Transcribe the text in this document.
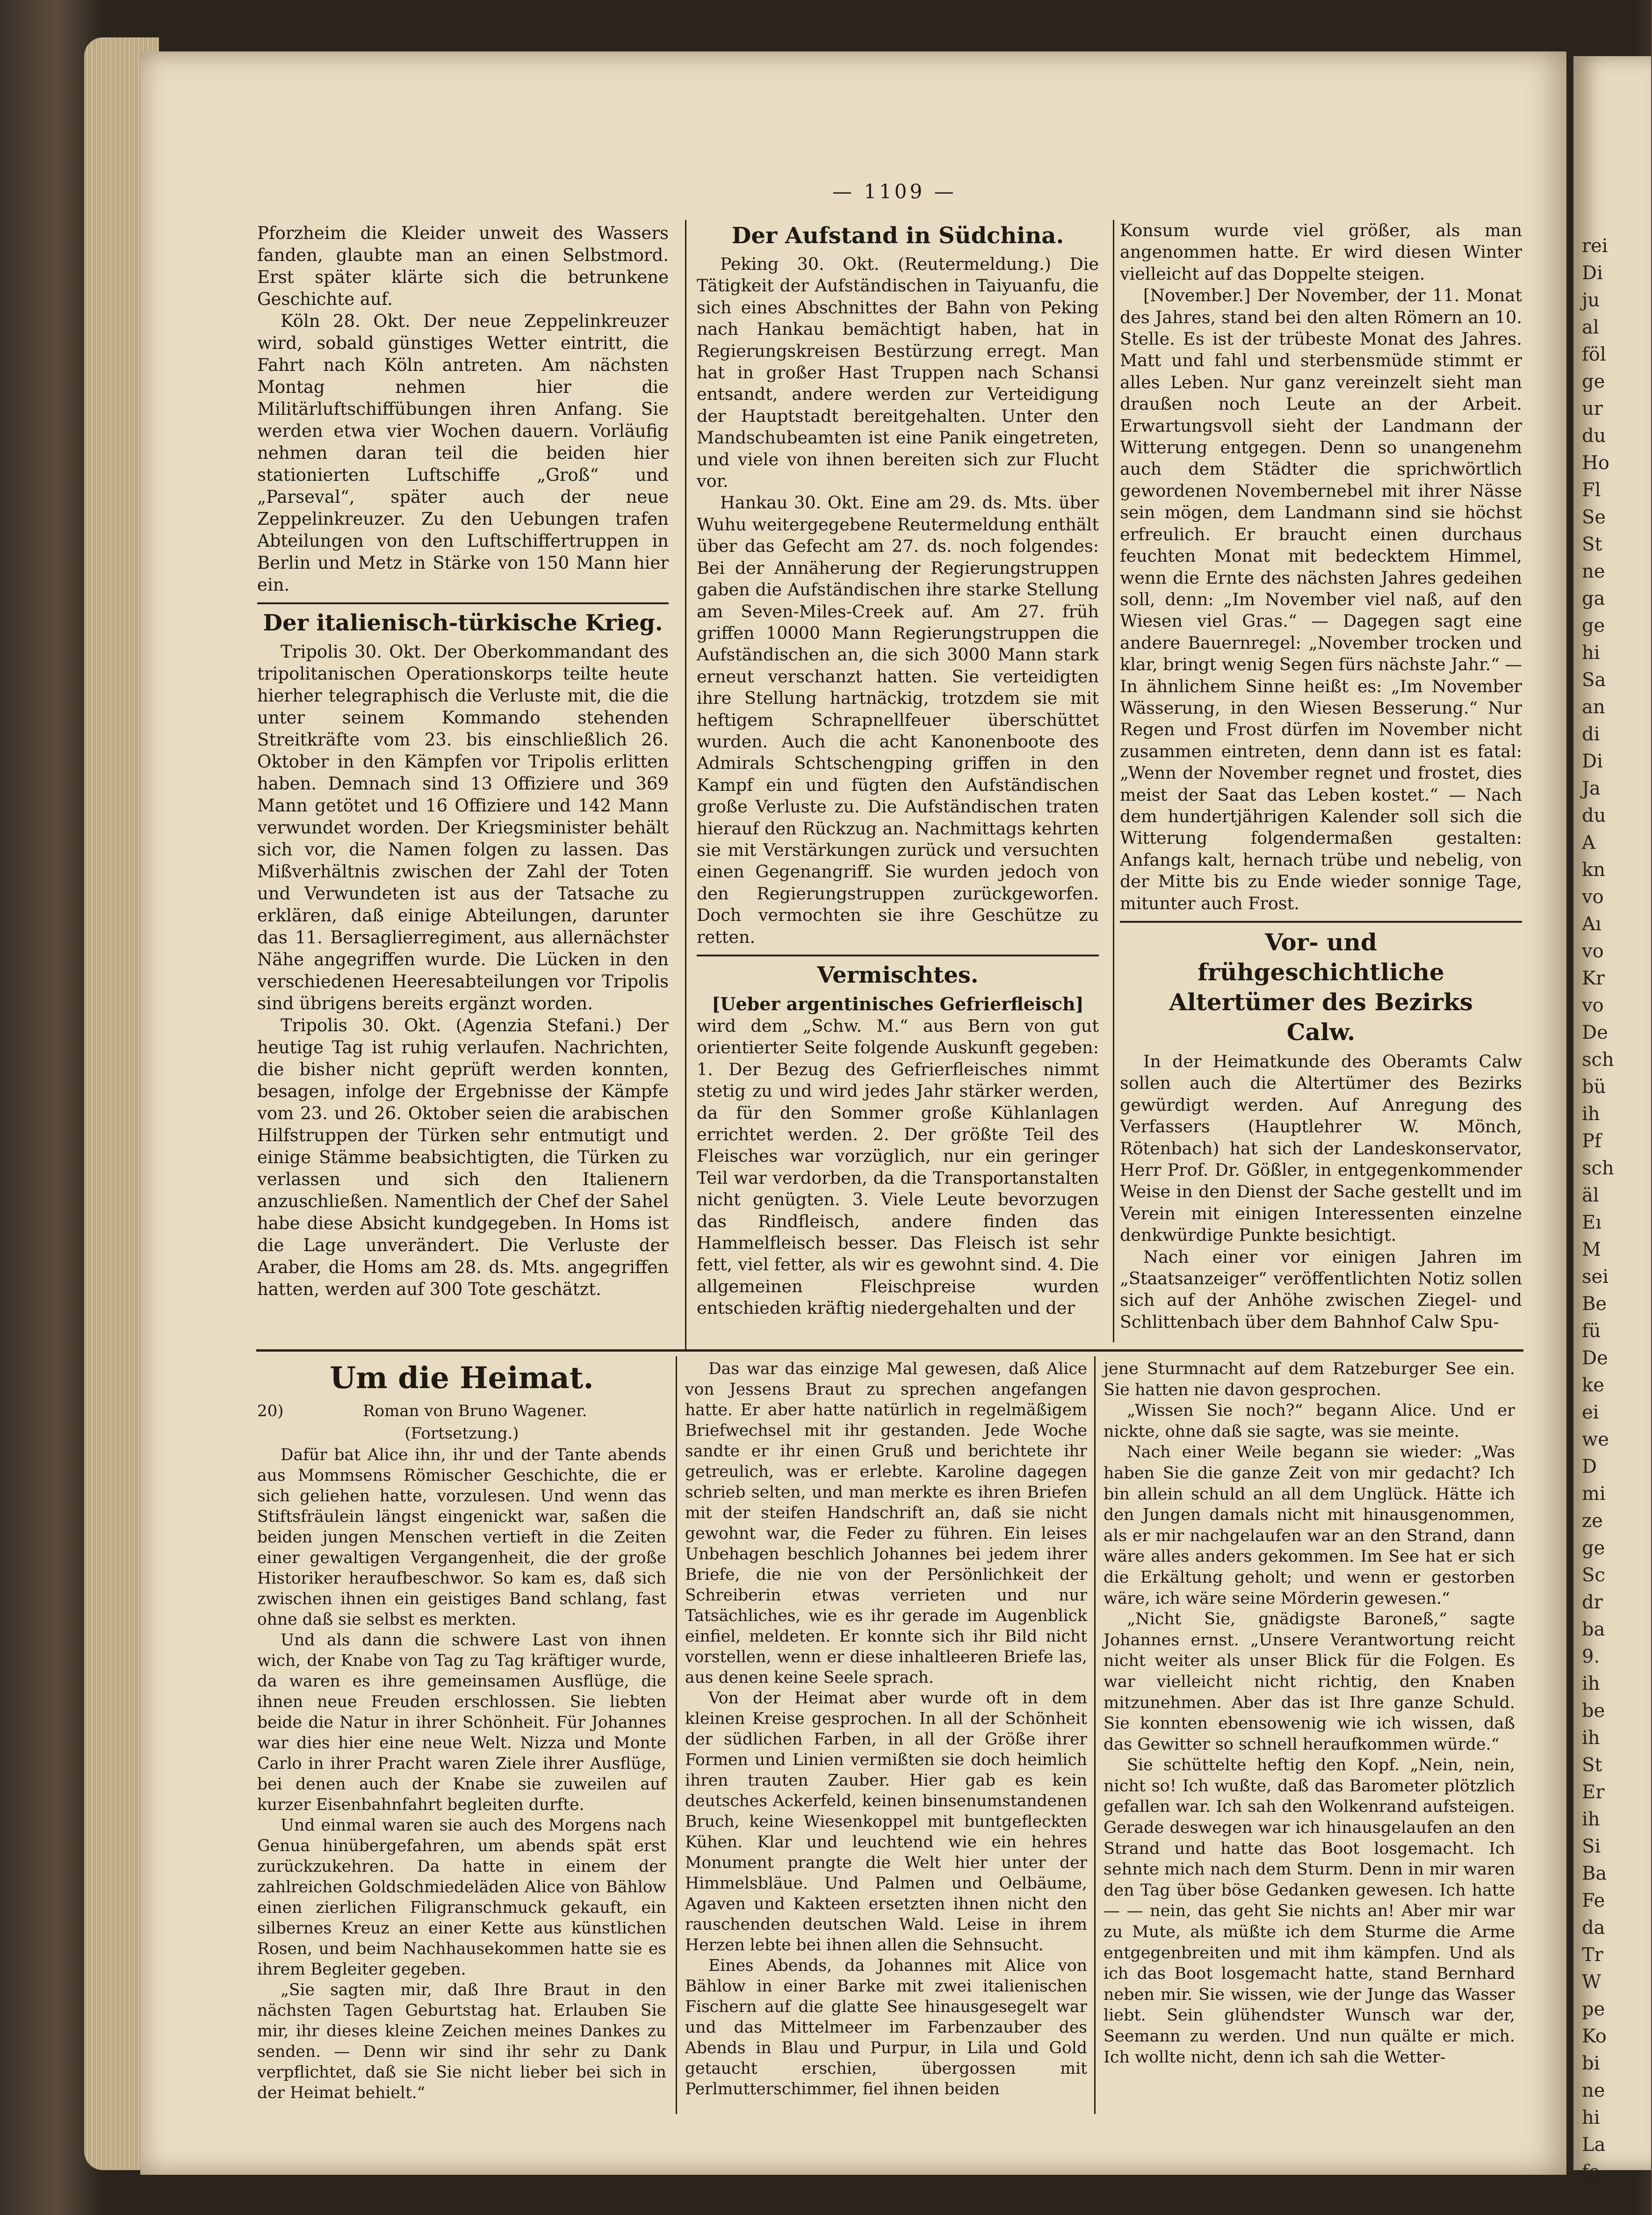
rei
Di
ju
al
föl
ge
ur
du
Ho
Fl
Se
St
ne
ga
ge
hi
Sa
an
di
Di
Ja
du
A
kn
vo
Aı
vo
Kr
vo
De
sch
bü
ih
Pf
sch
äl
Eı
M
sei
Be
fü
De
ke
ei
we
D
mi
ze
ge
Sc
dr
ba
9.
ih
be
ih
St
Er
ih
Si
Ba
Fe
da
Tr
W
pe
Ko
bi
ne
hi
La
fe
— 1109 —

Pforzheim die Kleider unweit des Wassers fanden, glaubte man an einen Selbstmord. Erst später klärte sich die betrunkene Geschichte auf.

Köln 28. Okt. Der neue Zeppelinkreuzer wird, sobald günstiges Wetter eintritt, die Fahrt nach Köln antreten. Am nächsten Montag nehmen hier die Militärluftschiffübungen ihren Anfang. Sie werden etwa vier Wochen dauern. Vorläufig nehmen daran teil die beiden hier stationierten Luftschiffe „Groß“ und „Parseval“, später auch der neue Zeppelinkreuzer. Zu den Uebungen trafen Abteilungen von den Luftschiffertruppen in Berlin und Metz in Stärke von 150 Mann hier ein.

Der italienisch-türkische Krieg.

Tripolis 30. Okt. Der Oberkommandant des tripolitanischen Operationskorps teilte heute hierher telegraphisch die Verluste mit, die die unter seinem Kommando stehenden Streitkräfte vom 23. bis einschließlich 26. Oktober in den Kämpfen vor Tripolis erlitten haben. Demnach sind 13 Offiziere und 369 Mann getötet und 16 Offiziere und 142 Mann verwundet worden. Der Kriegsminister behält sich vor, die Namen folgen zu lassen. Das Mißverhältnis zwischen der Zahl der Toten und Verwundeten ist aus der Tatsache zu erklären, daß einige Abteilungen, darunter das 11. Bersaglierregiment, aus allernächster Nähe angegriffen wurde. Die Lücken in den verschiedenen Heeresabteilungen vor Tripolis sind übrigens bereits ergänzt worden.

Tripolis 30. Okt. (Agenzia Stefani.) Der heutige Tag ist ruhig verlaufen. Nachrichten, die bisher nicht geprüft werden konnten, besagen, infolge der Ergebnisse der Kämpfe vom 23. und 26. Oktober seien die arabischen Hilfstruppen der Türken sehr entmutigt und einige Stämme beabsichtigten, die Türken zu verlassen und sich den Italienern anzuschließen. Namentlich der Chef der Sahel habe diese Absicht kundgegeben. In Homs ist die Lage unverändert. Die Verluste der Araber, die Homs am 28. ds. Mts. angegriffen hatten, werden auf 300 Tote geschätzt.

Der Aufstand in Südchina.

Peking 30. Okt. (Reutermeldung.) Die Tätigkeit der Aufständischen in Taiyuanfu, die sich eines Abschnittes der Bahn von Peking nach Hankau bemächtigt haben, hat in Regierungskreisen Bestürzung erregt. Man hat in großer Hast Truppen nach Schansi entsandt, andere werden zur Verteidigung der Hauptstadt bereitgehalten. Unter den Mandschubeamten ist eine Panik eingetreten, und viele von ihnen bereiten sich zur Flucht vor.

Hankau 30. Okt. Eine am 29. ds. Mts. über Wuhu weitergegebene Reutermeldung enthält über das Gefecht am 27. ds. noch folgendes: Bei der Annäherung der Regierungstruppen gaben die Aufständischen ihre starke Stellung am Seven-Miles-Creek auf. Am 27. früh griffen 10000 Mann Regierungstruppen die Aufständischen an, die sich 3000 Mann stark erneut verschanzt hatten. Sie verteidigten ihre Stellung hartnäckig, trotzdem sie mit heftigem Schrapnellfeuer überschüttet wurden. Auch die acht Kanonenboote des Admirals Schtschengping griffen in den Kampf ein und fügten den Aufständischen große Verluste zu. Die Aufständischen traten hierauf den Rückzug an. Nachmittags kehrten sie mit Verstärkungen zurück und versuchten einen Gegenangriff. Sie wurden jedoch von den Regierungstruppen zurückgeworfen. Doch vermochten sie ihre Geschütze zu retten.

Vermischtes.
[Ueber argentinisches Gefrierfleisch]

wird dem „Schw. M.“ aus Bern von gut orientierter Seite folgende Auskunft gegeben: 1. Der Bezug des Gefrierfleisches nimmt stetig zu und wird jedes Jahr stärker werden, da für den Sommer große Kühlanlagen errichtet werden. 2. Der größte Teil des Fleisches war vorzüglich, nur ein geringer Teil war verdorben, da die Transportanstalten nicht genügten. 3. Viele Leute bevorzugen das Rindfleisch, andere finden das Hammelfleisch besser. Das Fleisch ist sehr fett, viel fetter, als wir es gewohnt sind. 4. Die allgemeinen Fleischpreise wurden entschieden kräftig niedergehalten und der

Konsum wurde viel größer, als man angenommen hatte. Er wird diesen Winter vielleicht auf das Doppelte steigen.

[November.] Der November, der 11. Monat des Jahres, stand bei den alten Römern an 10. Stelle. Es ist der trübeste Monat des Jahres. Matt und fahl und sterbensmüde stimmt er alles Leben. Nur ganz vereinzelt sieht man draußen noch Leute an der Arbeit. Erwartungsvoll sieht der Landmann der Witterung entgegen. Denn so unangenehm auch dem Städter die sprichwörtlich gewordenen Novembernebel mit ihrer Nässe sein mögen, dem Landmann sind sie höchst erfreulich. Er braucht einen durchaus feuchten Monat mit bedecktem Himmel, wenn die Ernte des nächsten Jahres gedeihen soll, denn: „Im November viel naß, auf den Wiesen viel Gras.“ — Dagegen sagt eine andere Bauernregel: „November trocken und klar, bringt wenig Segen fürs nächste Jahr.“ — In ähnlichem Sinne heißt es: „Im November Wässerung, in den Wiesen Besserung.“ Nur Regen und Frost dürfen im November nicht zusammen eintreten, denn dann ist es fatal: „Wenn der November regnet und frostet, dies meist der Saat das Leben kostet.“ — Nach dem hundertjährigen Kalender soll sich die Witterung folgendermaßen gestalten: Anfangs kalt, hernach trübe und nebelig, von der Mitte bis zu Ende wieder sonnige Tage, mitunter auch Frost.

Vor- und frühgeschichtliche Altertümer des Bezirks Calw.

In der Heimatkunde des Oberamts Calw sollen auch die Altertümer des Bezirks gewürdigt werden. Auf Anregung des Verfassers (Hauptlehrer W. Mönch, Rötenbach) hat sich der Landeskonservator, Herr Prof. Dr. Gößler, in entgegenkommender Weise in den Dienst der Sache gestellt und im Verein mit einigen Interessenten einzelne denkwürdige Punkte besichtigt.

Nach einer vor einigen Jahren im „Staatsanzeiger“ veröffentlichten Notiz sollen sich auf der Anhöhe zwischen Ziegel- und Schlittenbach über dem Bahnhof Calw Spu-

Um die Heimat.
20)	Roman von Bruno Wagener.
(Fortsetzung.)

Dafür bat Alice ihn, ihr und der Tante abends aus Mommsens Römischer Geschichte, die er sich geliehen hatte, vorzulesen. Und wenn das Stiftsfräulein längst eingenickt war, saßen die beiden jungen Menschen vertieft in die Zeiten einer gewaltigen Vergangenheit, die der große Historiker heraufbeschwor. So kam es, daß sich zwischen ihnen ein geistiges Band schlang, fast ohne daß sie selbst es merkten.

Und als dann die schwere Last von ihnen wich, der Knabe von Tag zu Tag kräftiger wurde, da waren es ihre gemeinsamen Ausflüge, die ihnen neue Freuden erschlossen. Sie liebten beide die Natur in ihrer Schönheit. Für Johannes war dies hier eine neue Welt. Nizza und Monte Carlo in ihrer Pracht waren Ziele ihrer Ausflüge, bei denen auch der Knabe sie zuweilen auf kurzer Eisenbahnfahrt begleiten durfte.

Und einmal waren sie auch des Morgens nach Genua hinübergefahren, um abends spät erst zurückzukehren. Da hatte in einem der zahlreichen Goldschmiedeläden Alice von Bählow einen zierlichen Filigranschmuck gekauft, ein silbernes Kreuz an einer Kette aus künstlichen Rosen, und beim Nachhausekommen hatte sie es ihrem Begleiter gegeben.

„Sie sagten mir, daß Ihre Braut in den nächsten Tagen Geburtstag hat. Erlauben Sie mir, ihr dieses kleine Zeichen meines Dankes zu senden. — Denn wir sind ihr sehr zu Dank verpflichtet, daß sie Sie nicht lieber bei sich in der Heimat behielt.“

Das war das einzige Mal gewesen, daß Alice von Jessens Braut zu sprechen angefangen hatte. Er aber hatte natürlich in regelmäßigem Briefwechsel mit ihr gestanden. Jede Woche sandte er ihr einen Gruß und berichtete ihr getreulich, was er erlebte. Karoline dagegen schrieb selten, und man merkte es ihren Briefen mit der steifen Handschrift an, daß sie nicht gewohnt war, die Feder zu führen. Ein leises Unbehagen beschlich Johannes bei jedem ihrer Briefe, die nie von der Persönlichkeit der Schreiberin etwas verrieten und nur Tatsächliches, wie es ihr gerade im Augenblick einfiel, meldeten. Er konnte sich ihr Bild nicht vorstellen, wenn er diese inhaltleeren Briefe las, aus denen keine Seele sprach.

Von der Heimat aber wurde oft in dem kleinen Kreise gesprochen. In all der Schönheit der südlichen Farben, in all der Größe ihrer Formen und Linien vermißten sie doch heimlich ihren trauten Zauber. Hier gab es kein deutsches Ackerfeld, keinen binsenumstandenen Bruch, keine Wiesenkoppel mit buntgefleckten Kühen. Klar und leuchtend wie ein hehres Monument prangte die Welt hier unter der Himmelsbläue. Und Palmen und Oelbäume, Agaven und Kakteen ersetzten ihnen nicht den rauschenden deutschen Wald. Leise in ihrem Herzen lebte bei ihnen allen die Sehnsucht.

Eines Abends, da Johannes mit Alice von Bählow in einer Barke mit zwei italienischen Fischern auf die glatte See hinausgesegelt war und das Mittelmeer im Farbenzauber des Abends in Blau und Purpur, in Lila und Gold getaucht erschien, übergossen mit Perlmutterschimmer, fiel ihnen beiden

jene Sturmnacht auf dem Ratzeburger See ein. Sie hatten nie davon gesprochen.

„Wissen Sie noch?“ begann Alice. Und er nickte, ohne daß sie sagte, was sie meinte.

Nach einer Weile begann sie wieder: „Was haben Sie die ganze Zeit von mir gedacht? Ich bin allein schuld an all dem Unglück. Hätte ich den Jungen damals nicht mit hinausgenommen, als er mir nachgelaufen war an den Strand, dann wäre alles anders gekommen. Im See hat er sich die Erkältung geholt; und wenn er gestorben wäre, ich wäre seine Mörderin gewesen.“

„Nicht Sie, gnädigste Baroneß,“ sagte Johannes ernst. „Unsere Verantwortung reicht nicht weiter als unser Blick für die Folgen. Es war vielleicht nicht richtig, den Knaben mitzunehmen. Aber das ist Ihre ganze Schuld. Sie konnten ebensowenig wie ich wissen, daß das Gewitter so schnell heraufkommen würde.“

Sie schüttelte heftig den Kopf. „Nein, nein, nicht so! Ich wußte, daß das Barometer plötzlich gefallen war. Ich sah den Wolkenrand aufsteigen. Gerade deswegen war ich hinausgelaufen an den Strand und hatte das Boot losgemacht. Ich sehnte mich nach dem Sturm. Denn in mir waren den Tag über böse Gedanken gewesen. Ich hatte — — nein, das geht Sie nichts an! Aber mir war zu Mute, als müßte ich dem Sturme die Arme entgegenbreiten und mit ihm kämpfen. Und als ich das Boot losgemacht hatte, stand Bernhard neben mir. Sie wissen, wie der Junge das Wasser liebt. Sein glühendster Wunsch war der, Seemann zu werden. Und nun quälte er mich. Ich wollte nicht, denn ich sah die Wetter-
